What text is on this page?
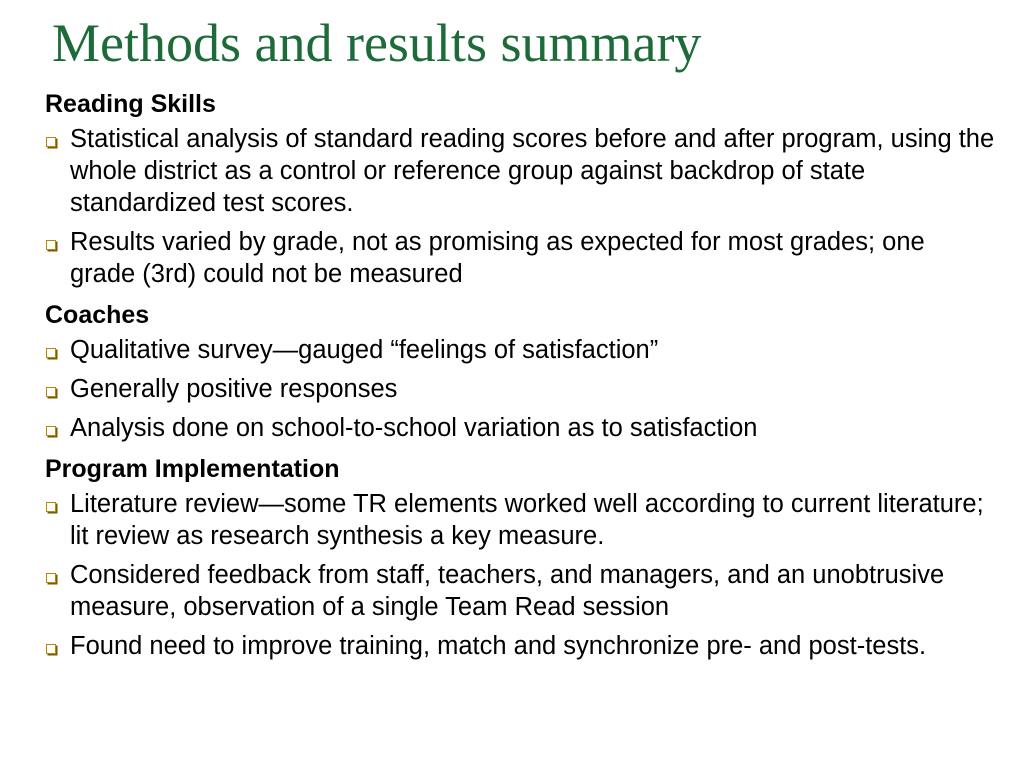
Methods and results summary
Reading Skills
Statistical analysis of standard reading scores before and after program, using the whole district as a control or reference group against backdrop of state standardized test scores.
Results varied by grade, not as promising as expected for most grades; one grade (3rd) could not be measured
Coaches
Qualitative survey—gauged “feelings of satisfaction”
Generally positive responses
Analysis done on school-to-school variation as to satisfaction
Program Implementation
Literature review—some TR elements worked well according to current literature; lit review as research synthesis a key measure.
Considered feedback from staff, teachers, and managers, and an unobtrusive measure, observation of a single Team Read session
Found need to improve training, match and synchronize pre- and post-tests.
